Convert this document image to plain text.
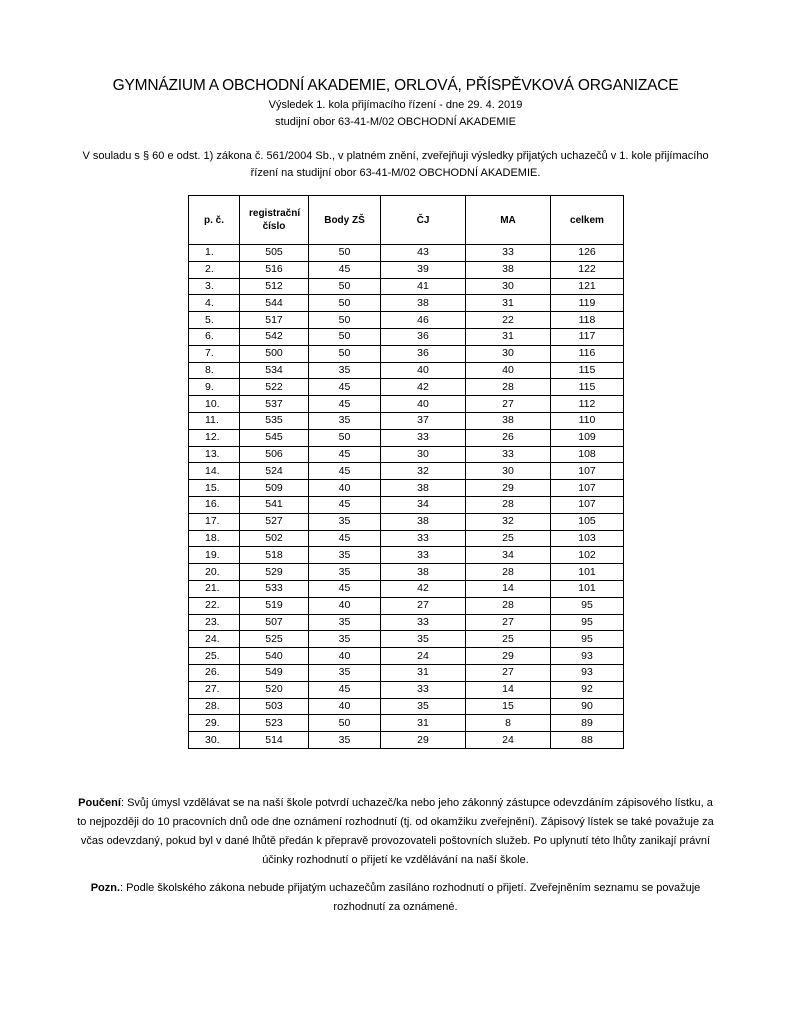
GYMNÁZIUM A OBCHODNÍ AKADEMIE, ORLOVÁ, PŘÍSPĚVKOVÁ ORGANIZACE
Výsledek 1. kola přijímacího řízení - dne 29. 4. 2019
studijní obor 63-41-M/02 OBCHODNÍ AKADEMIE
V souladu s § 60 e odst. 1) zákona č. 561/2004 Sb., v platném znění, zveřejňuji výsledky přijatých uchazečů v 1. kole přijímacího řízení na studijní obor 63-41-M/02 OBCHODNÍ AKADEMIE.
p. č.	registrační číslo	Body ZŠ	ČJ	MA	celkem
1.	505	50	43	33	126
2.	516	45	39	38	122
3.	512	50	41	30	121
4.	544	50	38	31	119
5.	517	50	46	22	118
6.	542	50	36	31	117
7.	500	50	36	30	116
8.	534	35	40	40	115
9.	522	45	42	28	115
10.	537	45	40	27	112
11.	535	35	37	38	110
12.	545	50	33	26	109
13.	506	45	30	33	108
14.	524	45	32	30	107
15.	509	40	38	29	107
16.	541	45	34	28	107
17.	527	35	38	32	105
18.	502	45	33	25	103
19.	518	35	33	34	102
20.	529	35	38	28	101
21.	533	45	42	14	101
22.	519	40	27	28	95
23.	507	35	33	27	95
24.	525	35	35	25	95
25.	540	40	24	29	93
26.	549	35	31	27	93
27.	520	45	33	14	92
28.	503	40	35	15	90
29.	523	50	31	8	89
30.	514	35	29	24	88
Poučení: Svůj úmysl vzdělávat se na naší škole potvrdí uchazeč/ka nebo jeho zákonný zástupce odevzdáním zápisového lístku, a to nejpozději do 10 pracovních dnů ode dne oznámení rozhodnutí (tj. od okamžiku zveřejnění). Zápisový lístek se také považuje za včas odevzdaný, pokud byl v dané lhůtě předán k přepravě provozovateli poštovních služeb. Po uplynutí této lhůty zanikají právní účinky rozhodnutí o přijetí ke vzdělávání na naší škole.
Pozn.: Podle školského zákona nebude přijatým uchazečům zasíláno rozhodnutí o přijetí. Zveřejněním seznamu se považuje rozhodnutí za oznámené.
